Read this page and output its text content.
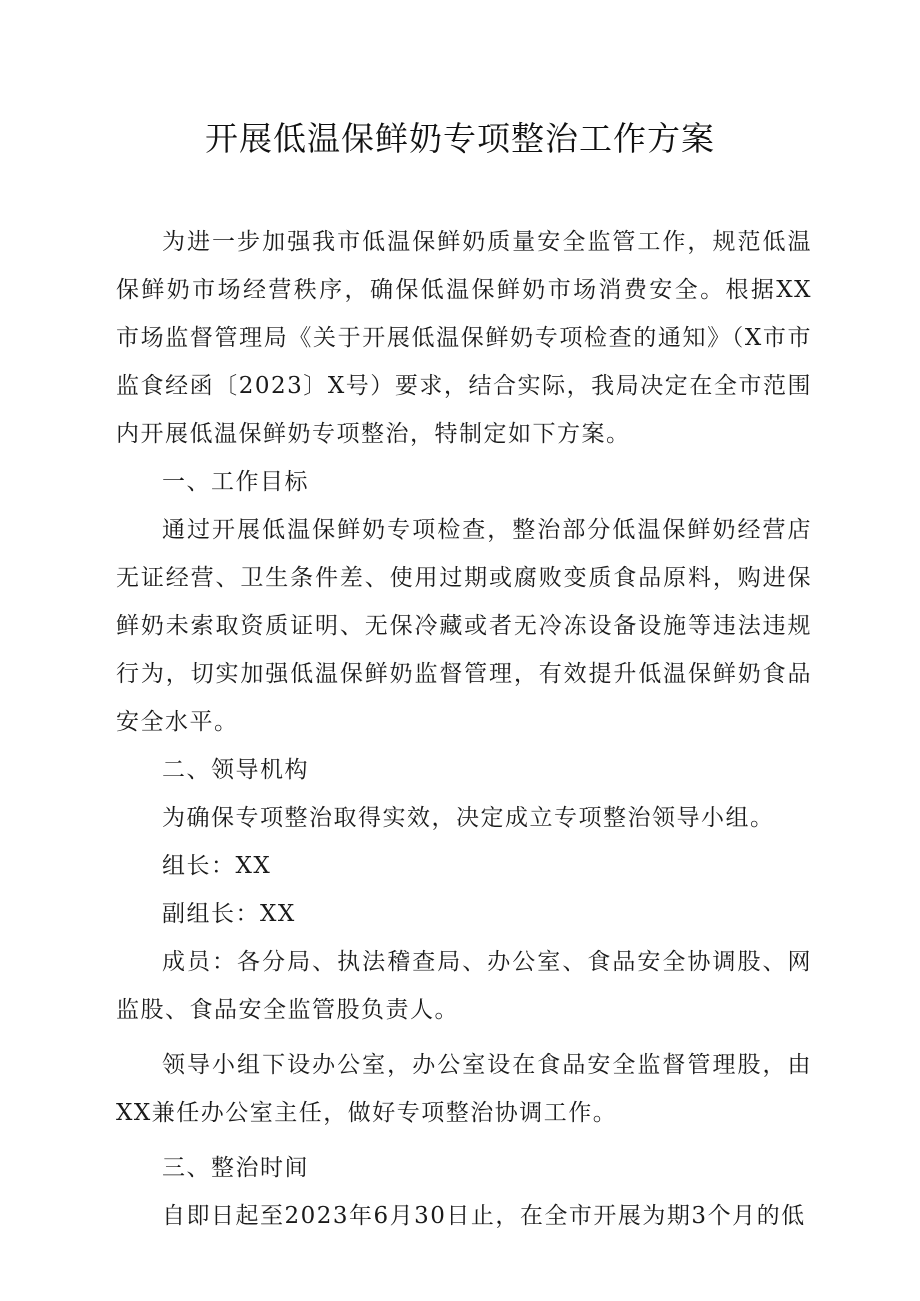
开展低温保鲜奶专项整治工作方案

为进一步加强我市低温保鲜奶质量安全监管工作，规范低温保鲜奶市场经营秩序，确保低温保鲜奶市场消费安全。根据XX市场监督管理局《关于开展低温保鲜奶专项检查的通知》（X市市监食经函〔2023〕X号）要求，结合实际，我局决定在全市范围内开展低温保鲜奶专项整治，特制定如下方案。

一、工作目标

通过开展低温保鲜奶专项检查，整治部分低温保鲜奶经营店无证经营、卫生条件差、使用过期或腐败变质食品原料，购进保鲜奶未索取资质证明、无保冷藏或者无冷冻设备设施等违法违规行为，切实加强低温保鲜奶监督管理，有效提升低温保鲜奶食品安全水平。

二、领导机构

为确保专项整治取得实效，决定成立专项整治领导小组。

组长：XX

副组长：XX

成员：各分局、执法稽查局、办公室、食品安全协调股、网监股、食品安全监管股负责人。

领导小组下设办公室，办公室设在食品安全监督管理股，由XX兼任办公室主任，做好专项整治协调工作。

三、整治时间

自即日起至2023年6月30日止，在全市开展为期3个月的低
